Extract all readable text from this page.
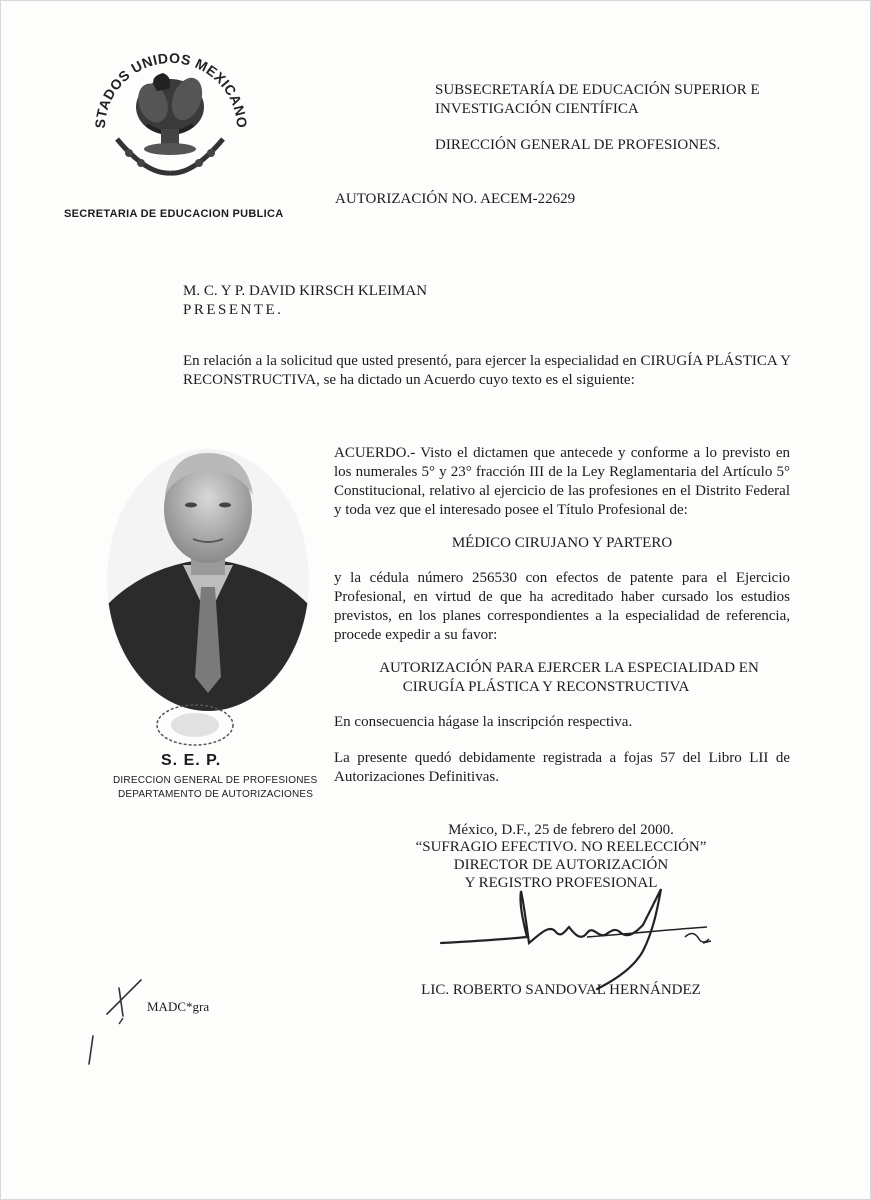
STADOS UNIDOS MEXICANO
SECRETARIA DE EDUCACION PUBLICA
SUBSECRETARÍA DE EDUCACIÓN SUPERIOR E
INVESTIGACIÓN CIENTÍFICA
DIRECCIÓN GENERAL DE PROFESIONES.
AUTORIZACIÓN NO. AECEM-22629
M. C. Y P. DAVID KIRSCH KLEIMAN
PRESENTE.
En relación a la solicitud que usted presentó, para ejercer la especialidad en CIRUGÍA PLÁSTICA Y RECONSTRUCTIVA, se ha dictado un Acuerdo cuyo texto es el siguiente:
S. E. P.
DIRECCION GENERAL DE PROFESIONES
DEPARTAMENTO DE AUTORIZACIONES
ACUERDO.- Visto el dictamen que antecede y conforme a lo previsto en los numerales 5° y 23° fracción III de la Ley Reglamentaria del Artículo 5° Constitucional, relativo al ejercicio de las profesiones en el Distrito Federal y toda vez que el interesado posee el Título Profesional de:
MÉDICO CIRUJANO Y PARTERO
y la cédula número 256530 con efectos de patente para el Ejercicio Profesional, en virtud de que ha acreditado haber cursado los estudios previstos, en los planes correspondientes a la especialidad de referencia, procede expedir a su favor:
AUTORIZACIÓN PARA EJERCER LA ESPECIALIDAD EN
CIRUGÍA PLÁSTICA Y RECONSTRUCTIVA
En consecuencia hágase la inscripción respectiva.
La presente quedó debidamente registrada a fojas 57 del Libro LII de Autorizaciones Definitivas.
México, D.F., 25 de febrero del 2000.
“SUFRAGIO EFECTIVO. NO REELECCIÓN”
DIRECTOR DE AUTORIZACIÓN
Y REGISTRO PROFESIONAL
LIC. ROBERTO SANDOVAL HERNÁNDEZ
MADC*gra
